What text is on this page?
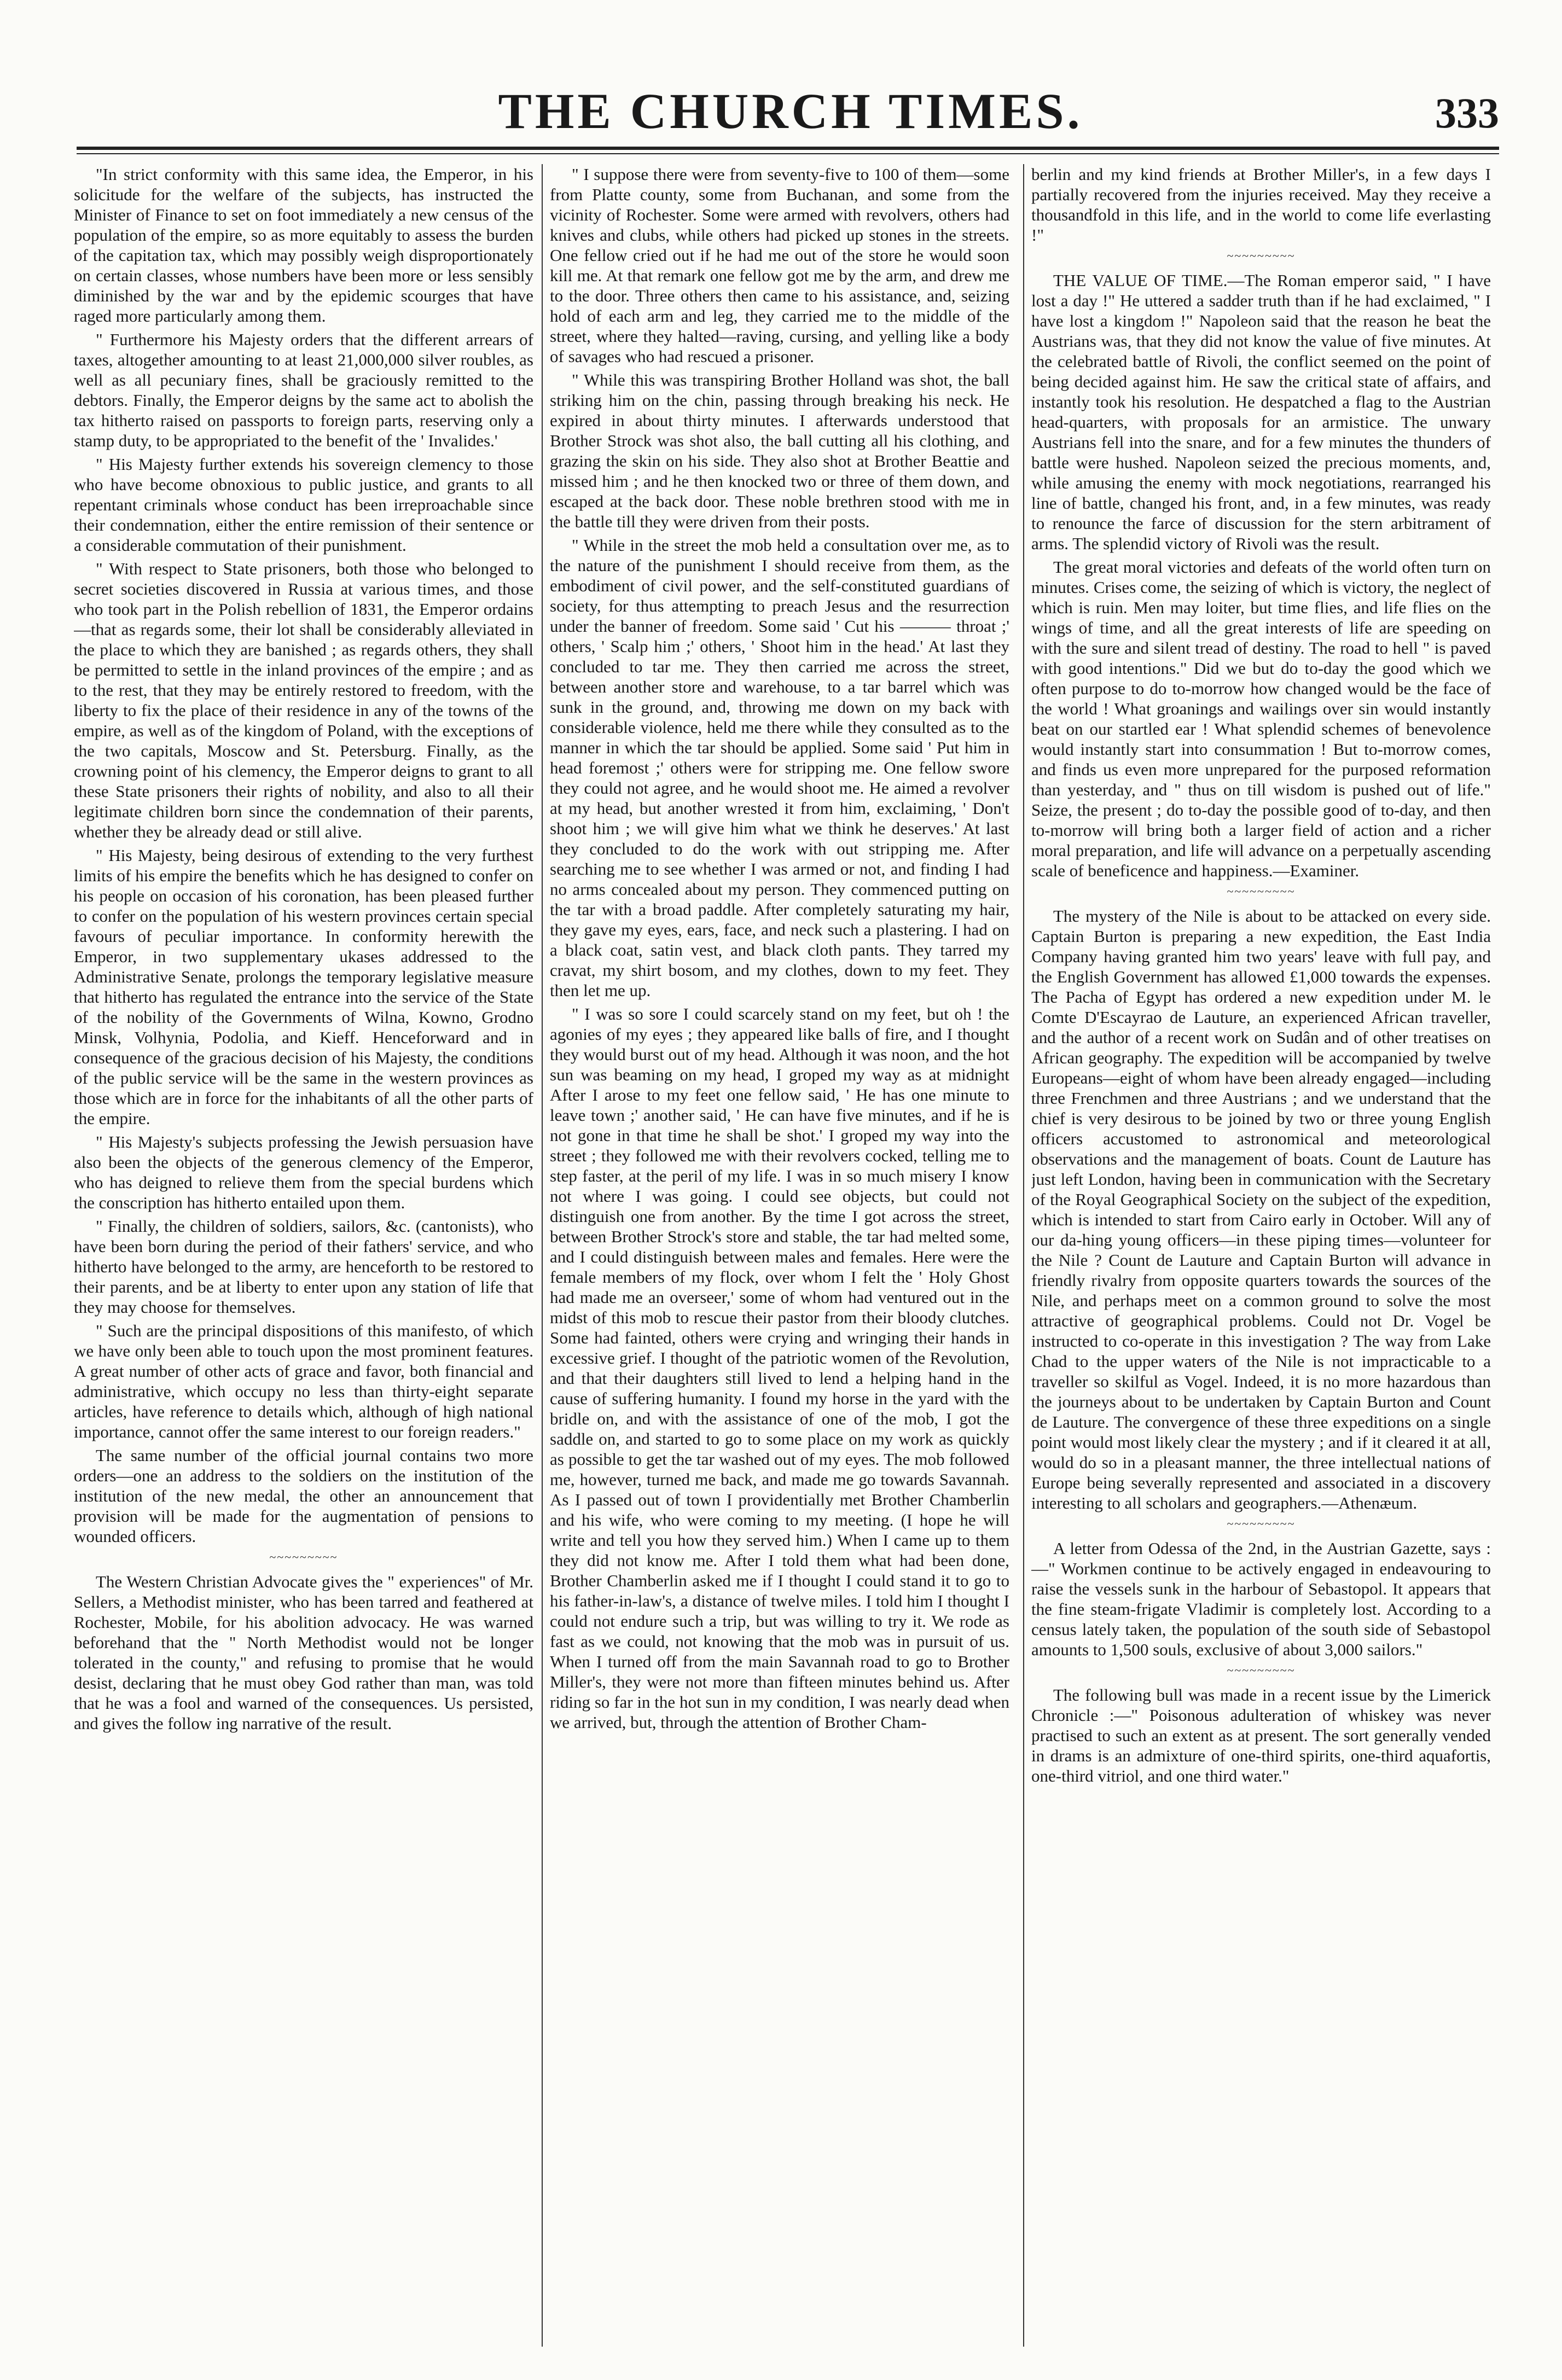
THE CHURCH TIMES.	333

"In strict conformity with this same idea, the Emperor, in his solicitude for the welfare of the subjects, has instructed the Minister of Finance to set on foot immediately a new census of the population of the empire, so as more equitably to assess the burden of the capitation tax, which may possibly weigh disproportionately on certain classes, whose numbers have been more or less sensibly diminished by the war and by the epidemic scourges that have raged more particularly among them.

" Furthermore his Majesty orders that the different arrears of taxes, altogether amounting to at least 21,000,000 silver roubles, as well as all pecuniary fines, shall be graciously remitted to the debtors. Finally, the Emperor deigns by the same act to abolish the tax hitherto raised on passports to foreign parts, reserving only a stamp duty, to be appropriated to the benefit of the ' Invalides.'

" His Majesty further extends his sovereign clemency to those who have become obnoxious to public justice, and grants to all repentant criminals whose conduct has been irreproachable since their condemnation, either the entire remission of their sentence or a considerable commutation of their punishment.

" With respect to State prisoners, both those who belonged to secret societies discovered in Russia at various times, and those who took part in the Polish rebellion of 1831, the Emperor ordains—that as regards some, their lot shall be considerably alleviated in the place to which they are banished ; as regards others, they shall be permitted to settle in the inland provinces of the empire ; and as to the rest, that they may be entirely restored to freedom, with the liberty to fix the place of their residence in any of the towns of the empire, as well as of the kingdom of Poland, with the exceptions of the two capitals, Moscow and St. Petersburg. Finally, as the crowning point of his clemency, the Emperor deigns to grant to all these State prisoners their rights of nobility, and also to all their legitimate children born since the condemnation of their parents, whether they be already dead or still alive.

" His Majesty, being desirous of extending to the very furthest limits of his empire the benefits which he has designed to confer on his people on occasion of his coronation, has been pleased further to confer on the population of his western provinces certain special favours of peculiar importance. In conformity herewith the Emperor, in two supplementary ukases addressed to the Administrative Senate, prolongs the temporary legislative measure that hitherto has regulated the entrance into the service of the State of the nobility of the Governments of Wilna, Kowno, Grodno Minsk, Volhynia, Podolia, and Kieff. Henceforward and in consequence of the gracious decision of his Majesty, the conditions of the public service will be the same in the western provinces as those which are in force for the inhabitants of all the other parts of the empire.

" His Majesty's subjects professing the Jewish persuasion have also been the objects of the generous clemency of the Emperor, who has deigned to relieve them from the special burdens which the conscription has hitherto entailed upon them.

" Finally, the children of soldiers, sailors, &c. (cantonists), who have been born during the period of their fathers' service, and who hitherto have belonged to the army, are henceforth to be restored to their parents, and be at liberty to enter upon any station of life that they may choose for themselves.

" Such are the principal dispositions of this manifesto, of which we have only been able to touch upon the most prominent features. A great number of other acts of grace and favor, both financial and administrative, which occupy no less than thirty-eight separate articles, have reference to details which, although of high national importance, cannot offer the same interest to our foreign readers."

The same number of the official journal contains two more orders—one an address to the soldiers on the institution of the institution of the new medal, the other an announcement that provision will be made for the augmentation of pensions to wounded officers.

~~~~~~~~~

The Western Christian Advocate gives the " experiences" of Mr. Sellers, a Methodist minister, who has been tarred and feathered at Rochester, Mobile, for his abolition advocacy. He was warned beforehand that the " North Methodist would not be longer tolerated in the county," and refusing to promise that he would desist, declaring that he must obey God rather than man, was told that he was a fool and warned of the consequences. Us persisted, and gives the follow ing narrative of the result.

" I suppose there were from seventy-five to 100 of them—some from Platte county, some from Buchanan, and some from the vicinity of Rochester. Some were armed with revolvers, others had knives and clubs, while others had picked up stones in the streets. One fellow cried out if he had me out of the store he would soon kill me. At that remark one fellow got me by the arm, and drew me to the door. Three others then came to his assistance, and, seizing hold of each arm and leg, they carried me to the middle of the street, where they halted—raving, cursing, and yelling like a body of savages who had rescued a prisoner.

" While this was transpiring Brother Holland was shot, the ball striking him on the chin, passing through breaking his neck. He expired in about thirty minutes. I afterwards understood that Brother Strock was shot also, the ball cutting all his clothing, and grazing the skin on his side. They also shot at Brother Beattie and missed him ; and he then knocked two or three of them down, and escaped at the back door. These noble brethren stood with me in the battle till they were driven from their posts.

" While in the street the mob held a consultation over me, as to the nature of the punishment I should receive from them, as the embodiment of civil power, and the self-constituted guardians of society, for thus attempting to preach Jesus and the resurrection under the banner of freedom. Some said ' Cut his ——— throat ;' others, ' Scalp him ;' others, ' Shoot him in the head.' At last they concluded to tar me. They then carried me across the street, between another store and warehouse, to a tar barrel which was sunk in the ground, and, throwing me down on my back with considerable violence, held me there while they consulted as to the manner in which the tar should be applied. Some said ' Put him in head foremost ;' others were for stripping me. One fellow swore they could not agree, and he would shoot me. He aimed a revolver at my head, but another wrested it from him, exclaiming, ' Don't shoot him ; we will give him what we think he deserves.' At last they concluded to do the work with out stripping me. After searching me to see whether I was armed or not, and finding I had no arms concealed about my person. They commenced putting on the tar with a broad paddle. After completely saturating my hair, they gave my eyes, ears, face, and neck such a plastering. I had on a black coat, satin vest, and black cloth pants. They tarred my cravat, my shirt bosom, and my clothes, down to my feet. They then let me up.

" I was so sore I could scarcely stand on my feet, but oh ! the agonies of my eyes ; they appeared like balls of fire, and I thought they would burst out of my head. Although it was noon, and the hot sun was beaming on my head, I groped my way as at midnight After I arose to my feet one fellow said, ' He has one minute to leave town ;' another said, ' He can have five minutes, and if he is not gone in that time he shall be shot.' I groped my way into the street ; they followed me with their revolvers cocked, telling me to step faster, at the peril of my life. I was in so much misery I know not where I was going. I could see objects, but could not distinguish one from another. By the time I got across the street, between Brother Strock's store and stable, the tar had melted some, and I could distinguish between males and females. Here were the female members of my flock, over whom I felt the ' Holy Ghost had made me an overseer,' some of whom had ventured out in the midst of this mob to rescue their pastor from their bloody clutches. Some had fainted, others were crying and wringing their hands in excessive grief. I thought of the patriotic women of the Revolution, and that their daughters still lived to lend a helping hand in the cause of suffering humanity. I found my horse in the yard with the bridle on, and with the assistance of one of the mob, I got the saddle on, and started to go to some place on my work as quickly as possible to get the tar washed out of my eyes. The mob followed me, however, turned me back, and made me go towards Savannah. As I passed out of town I providentially met Brother Chamberlin and his wife, who were coming to my meeting. (I hope he will write and tell you how they served him.) When I came up to them they did not know me. After I told them what had been done, Brother Chamberlin asked me if I thought I could stand it to go to his father-in-law's, a distance of twelve miles. I told him I thought I could not endure such a trip, but was willing to try it. We rode as fast as we could, not knowing that the mob was in pursuit of us. When I turned off from the main Savannah road to go to Brother Miller's, they were not more than fifteen minutes behind us. After riding so far in the hot sun in my condition, I was nearly dead when we arrived, but, through the attention of Brother Cham-

berlin and my kind friends at Brother Miller's, in a few days I partially recovered from the injuries received. May they receive a thousandfold in this life, and in the world to come life everlasting !"

~~~~~~~~~

THE VALUE OF TIME.—The Roman emperor said, " I have lost a day !" He uttered a sadder truth than if he had exclaimed, " I have lost a kingdom !" Napoleon said that the reason he beat the Austrians was, that they did not know the value of five minutes. At the celebrated battle of Rivoli, the conflict seemed on the point of being decided against him. He saw the critical state of affairs, and instantly took his resolution. He despatched a flag to the Austrian head-quarters, with proposals for an armistice. The unwary Austrians fell into the snare, and for a few minutes the thunders of battle were hushed. Napoleon seized the precious moments, and, while amusing the enemy with mock negotiations, rearranged his line of battle, changed his front, and, in a few minutes, was ready to renounce the farce of discussion for the stern arbitrament of arms. The splendid victory of Rivoli was the result.

The great moral victories and defeats of the world often turn on minutes. Crises come, the seizing of which is victory, the neglect of which is ruin. Men may loiter, but time flies, and life flies on the wings of time, and all the great interests of life are speeding on with the sure and silent tread of destiny. The road to hell " is paved with good intentions." Did we but do to-day the good which we often purpose to do to-morrow how changed would be the face of the world ! What groanings and wailings over sin would instantly beat on our startled ear ! What splendid schemes of benevolence would instantly start into consummation ! But to-morrow comes, and finds us even more unprepared for the purposed reformation than yesterday, and " thus on till wisdom is pushed out of life." Seize, the present ; do to-day the possible good of to-day, and then to-morrow will bring both a larger field of action and a richer moral preparation, and life will advance on a perpetually ascending scale of beneficence and happiness.—Examiner.

~~~~~~~~~

The mystery of the Nile is about to be attacked on every side. Captain Burton is preparing a new expedition, the East India Company having granted him two years' leave with full pay, and the English Government has allowed £1,000 towards the expenses. The Pacha of Egypt has ordered a new expedition under M. le Comte D'Escayrao de Lauture, an experienced African traveller, and the author of a recent work on Sudân and of other treatises on African geography. The expedition will be accompanied by twelve Europeans—eight of whom have been already engaged—including three Frenchmen and three Austrians ; and we understand that the chief is very desirous to be joined by two or three young English officers accustomed to astronomical and meteorological observations and the management of boats. Count de Lauture has just left London, having been in communication with the Secretary of the Royal Geographical Society on the subject of the expedition, which is intended to start from Cairo early in October. Will any of our da-hing young officers—in these piping times—volunteer for the Nile ? Count de Lauture and Captain Burton will advance in friendly rivalry from opposite quarters towards the sources of the Nile, and perhaps meet on a common ground to solve the most attractive of geographical problems. Could not Dr. Vogel be instructed to co-operate in this investigation ? The way from Lake Chad to the upper waters of the Nile is not impracticable to a traveller so skilful as Vogel. Indeed, it is no more hazardous than the journeys about to be undertaken by Captain Burton and Count de Lauture. The convergence of these three expeditions on a single point would most likely clear the mystery ; and if it cleared it at all, would do so in a pleasant manner, the three intellectual nations of Europe being severally represented and associated in a discovery interesting to all scholars and geographers.—Athenæum.

~~~~~~~~~

A letter from Odessa of the 2nd, in the Austrian Gazette, says :—" Workmen continue to be actively engaged in endeavouring to raise the vessels sunk in the harbour of Sebastopol. It appears that the fine steam-frigate Vladimir is completely lost. According to a census lately taken, the population of the south side of Sebastopol amounts to 1,500 souls, exclusive of about 3,000 sailors."

~~~~~~~~~

The following bull was made in a recent issue by the Limerick Chronicle :—" Poisonous adulteration of whiskey was never practised to such an extent as at present. The sort generally vended in drams is an admixture of one-third spirits, one-third aquafortis, one-third vitriol, and one third water."
